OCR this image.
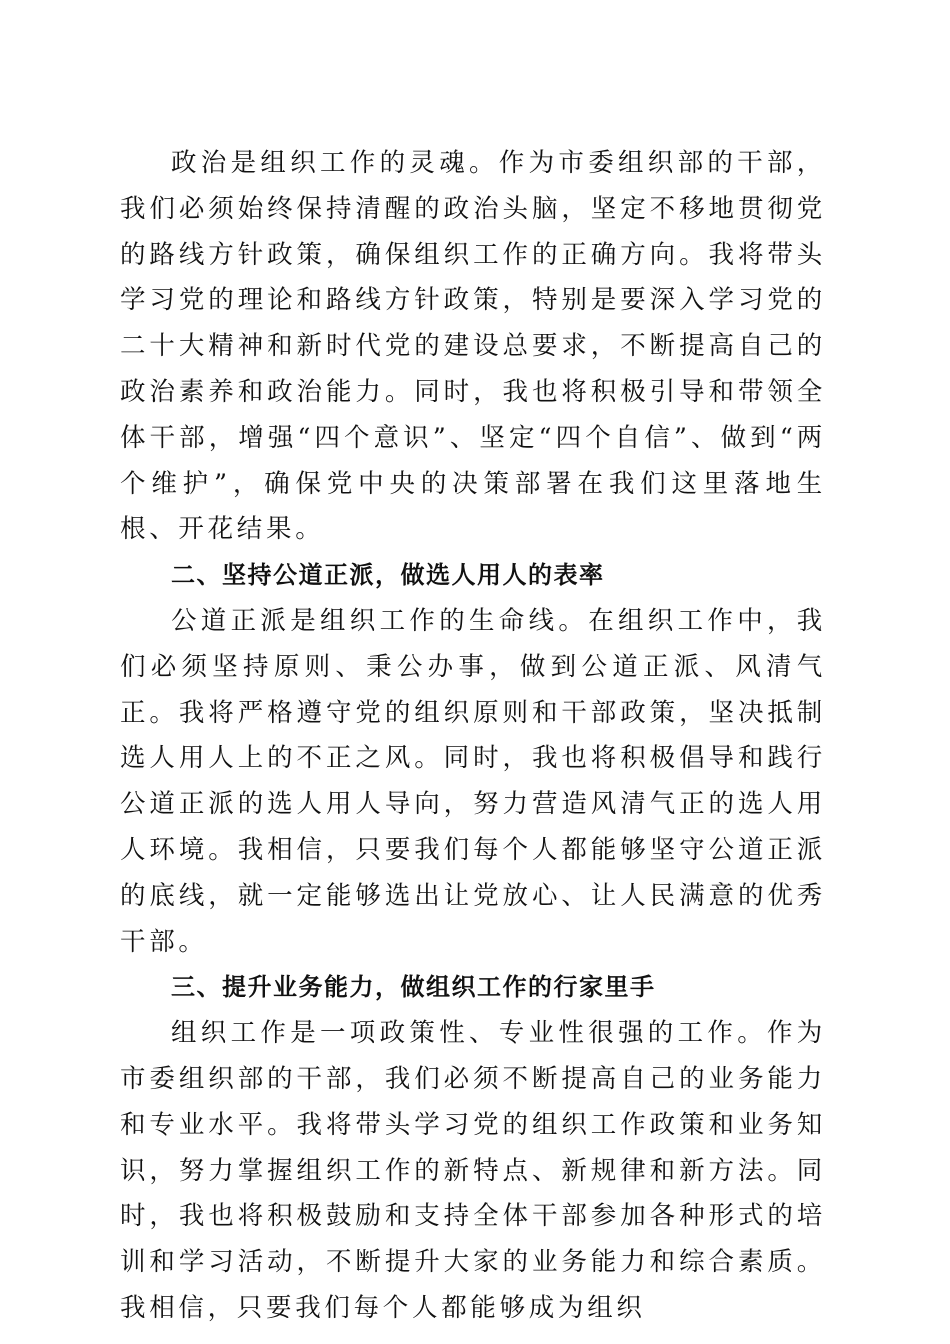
政治是组织工作的灵魂。作为市委组织部的干部，我们必须始终保持清醒的政治头脑，坚定不移地贯彻党的路线方针政策，确保组织工作的正确方向。我将带头学习党的理论和路线方针政策，特别是要深入学习党的二十大精神和新时代党的建设总要求，不断提高自己的政治素养和政治能力。同时，我也将积极引导和带领全体干部，增强“四个意识”、坚定“四个自信”、做到“两个维护”，确保党中央的决策部署在我们这里落地生根、开花结果。

二、坚持公道正派，做选人用人的表率

公道正派是组织工作的生命线。在组织工作中，我们必须坚持原则、秉公办事，做到公道正派、风清气正。我将严格遵守党的组织原则和干部政策，坚决抵制选人用人上的不正之风。同时，我也将积极倡导和践行公道正派的选人用人导向，努力营造风清气正的选人用人环境。我相信，只要我们每个人都能够坚守公道正派的底线，就一定能够选出让党放心、让人民满意的优秀干部。

三、提升业务能力，做组织工作的行家里手

组织工作是一项政策性、专业性很强的工作。作为市委组织部的干部，我们必须不断提高自己的业务能力和专业水平。我将带头学习党的组织工作政策和业务知识，努力掌握组织工作的新特点、新规律和新方法。同时，我也将积极鼓励和支持全体干部参加各种形式的培训和学习活动，不断提升大家的业务能力和综合素质。我相信，只要我们每个人都能够成为组织
